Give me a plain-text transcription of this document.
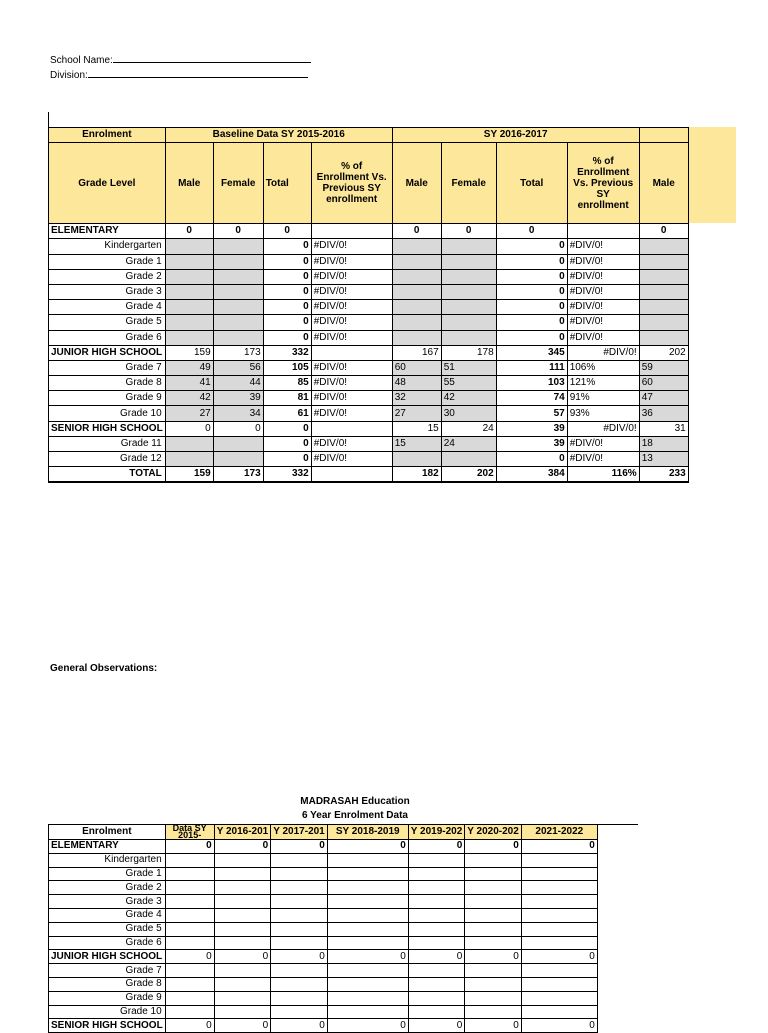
School Name:
Division:
Enrolment	Baseline Data SY 2015-2016				SY 2016-2017				
Grade Level	Male	Female	Total	% of Enrollment Vs. Previous SY enrollment	Male	Female	Total	% of Enrollment Vs. Previous SY enrollment	Male
ELEMENTARY	0	0	0		0	0	0		0
Kindergarten			0	#DIV/0!			0	#DIV/0!	
Grade 1			0	#DIV/0!			0	#DIV/0!	
Grade 2			0	#DIV/0!			0	#DIV/0!	
Grade 3			0	#DIV/0!			0	#DIV/0!	
Grade 4			0	#DIV/0!			0	#DIV/0!	
Grade 5			0	#DIV/0!			0	#DIV/0!	
Grade 6			0	#DIV/0!			0	#DIV/0!	
JUNIOR HIGH SCHOOL	159	173	332		167	178	345	#DIV/0!	202
Grade 7	49	56	105	#DIV/0!	60	51	111	106%	59
Grade 8	41	44	85	#DIV/0!	48	55	103	121%	60
Grade 9	42	39	81	#DIV/0!	32	42	74	91%	47
Grade 10	27	34	61	#DIV/0!	27	30	57	93%	36
SENIOR HIGH SCHOOL	0	0	0		15	24	39	#DIV/0!	31
Grade 11			0	#DIV/0!	15	24	39	#DIV/0!	18
Grade 12			0	#DIV/0!			0	#DIV/0!	13
TOTAL	159	173	332		182	202	384	116%	233
General Observations:
MADRASAH Education
6 Year Enrolment Data
Enrolment	Data SY 2015-	Y 2016-201	Y 2017-201	SY 2018-2019	Y 2019-202	Y 2020-202	2021-2022
ELEMENTARY	0	0	0	0	0	0	0
Kindergarten							
Grade 1							
Grade 2							
Grade 3							
Grade 4							
Grade 5							
Grade 6							
JUNIOR HIGH SCHOOL	0	0	0	0	0	0	0
Grade 7							
Grade 8							
Grade 9							
Grade 10							
SENIOR HIGH SCHOOL	0	0	0	0	0	0	0
